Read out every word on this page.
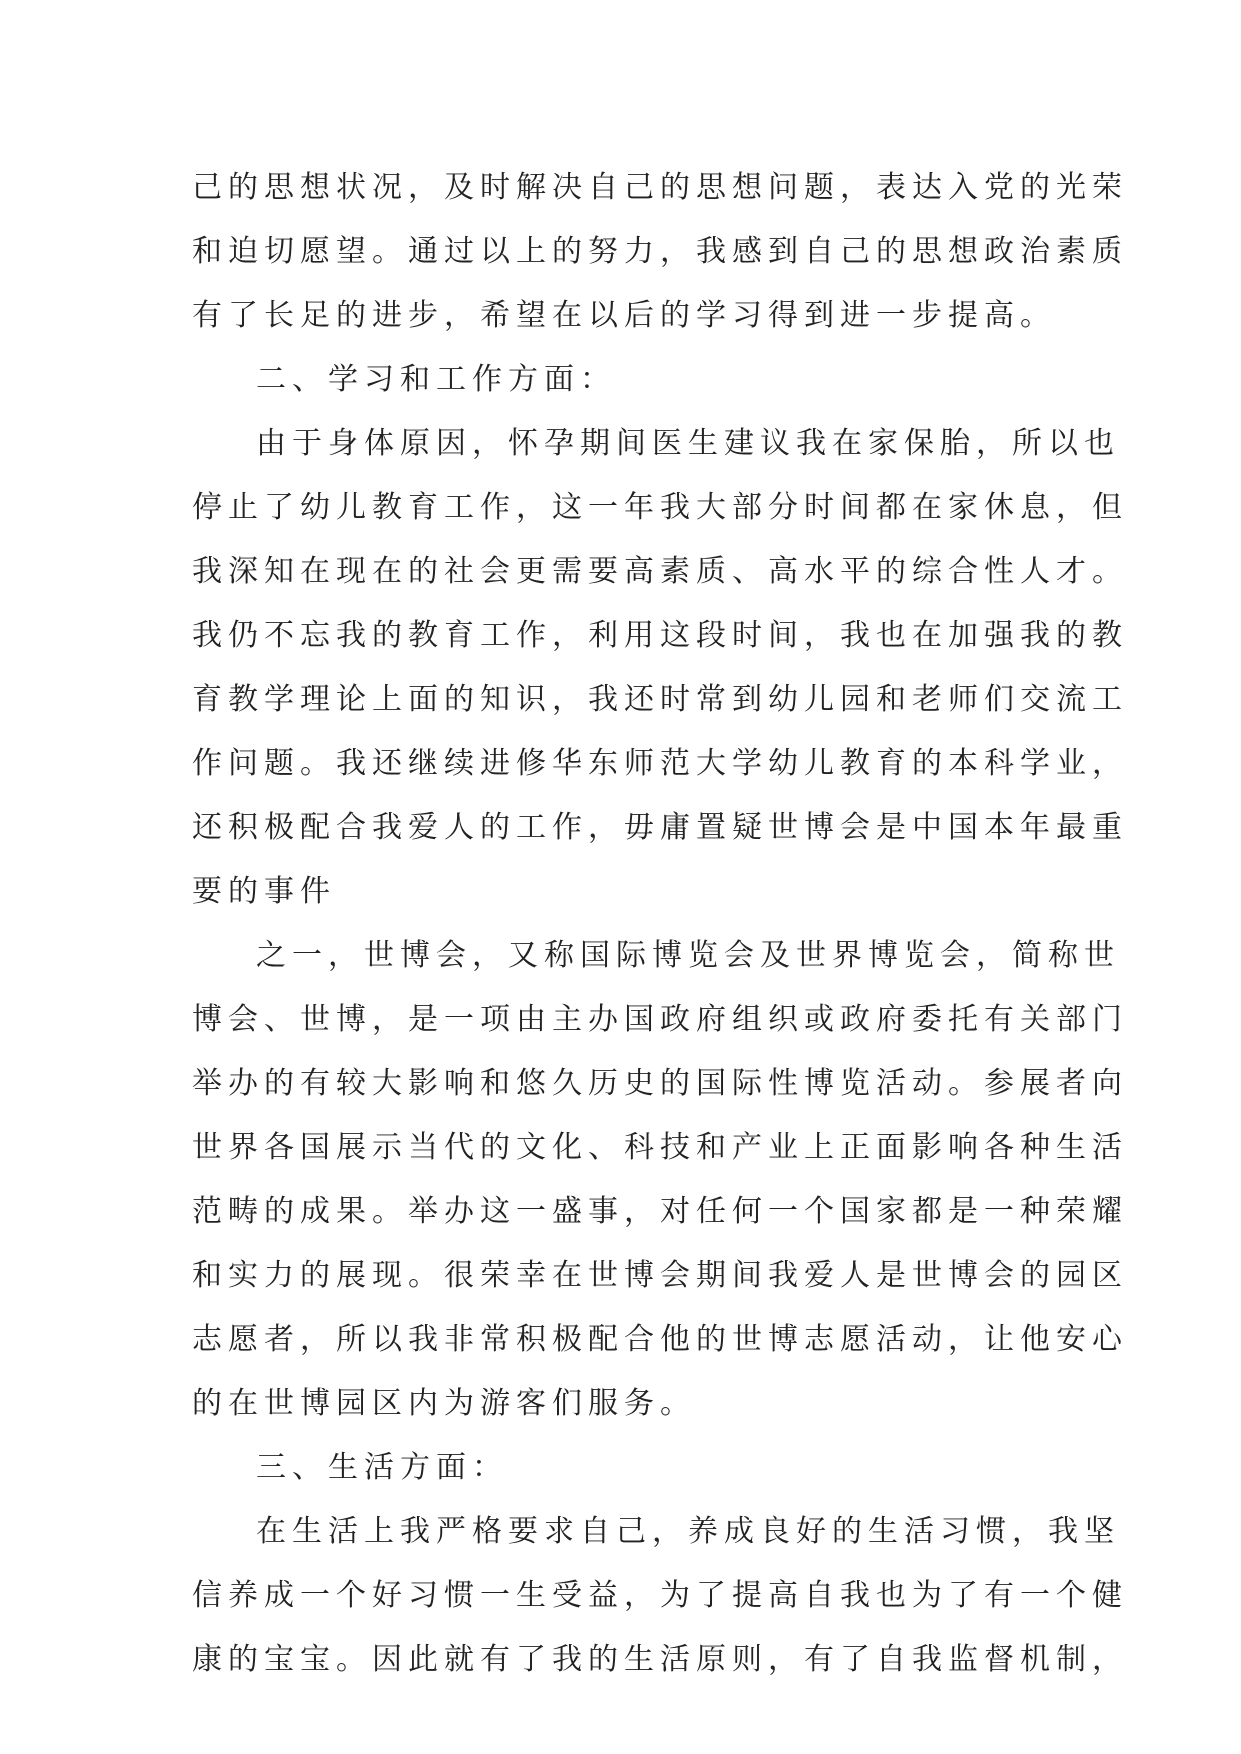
己的思想状况，及时解决自己的思想问题，表达入党的光荣
和迫切愿望。通过以上的努力，我感到自己的思想政治素质
有了长足的进步，希望在以后的学习得到进一步提高。
二、学习和工作方面：
由于身体原因，怀孕期间医生建议我在家保胎，所以也
停止了幼儿教育工作，这一年我大部分时间都在家休息，但
我深知在现在的社会更需要高素质、高水平的综合性人才。
我仍不忘我的教育工作，利用这段时间，我也在加强我的教
育教学理论上面的知识，我还时常到幼儿园和老师们交流工
作问题。我还继续进修华东师范大学幼儿教育的本科学业，
还积极配合我爱人的工作，毋庸置疑世博会是中国本年最重
要的事件
之一，世博会，又称国际博览会及世界博览会，简称世
博会、世博，是一项由主办国政府组织或政府委托有关部门
举办的有较大影响和悠久历史的国际性博览活动。参展者向
世界各国展示当代的文化、科技和产业上正面影响各种生活
范畴的成果。举办这一盛事，对任何一个国家都是一种荣耀
和实力的展现。很荣幸在世博会期间我爱人是世博会的园区
志愿者，所以我非常积极配合他的世博志愿活动，让他安心
的在世博园区内为游客们服务。
三、生活方面：
在生活上我严格要求自己，养成良好的生活习惯，我坚
信养成一个好习惯一生受益，为了提高自我也为了有一个健
康的宝宝。因此就有了我的生活原则，有了自我监督机制，
